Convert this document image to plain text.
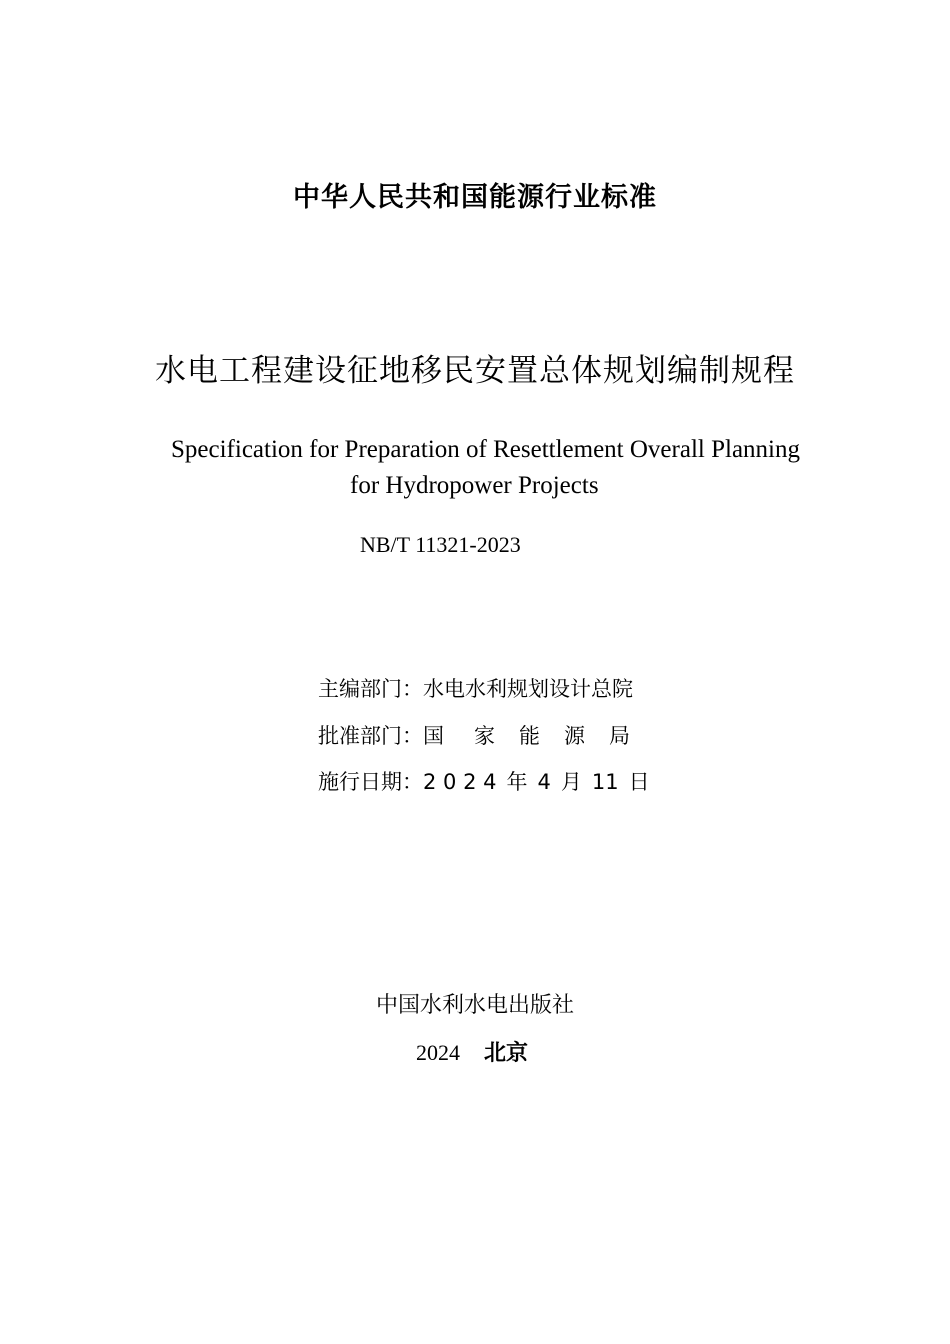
中华人民共和国能源行业标准
水电工程建设征地移民安置总体规划编制规程
Specification for Preparation of Resettlement Overall Planning
for Hydropower Projects
NB/T 11321-2023
主编部门：水电水利规划设计总院
批准部门：国 家 能 源 局
施行日期：2 0 2 4 年 4 月 11 日
中国水利水电出版社
2024 北京
